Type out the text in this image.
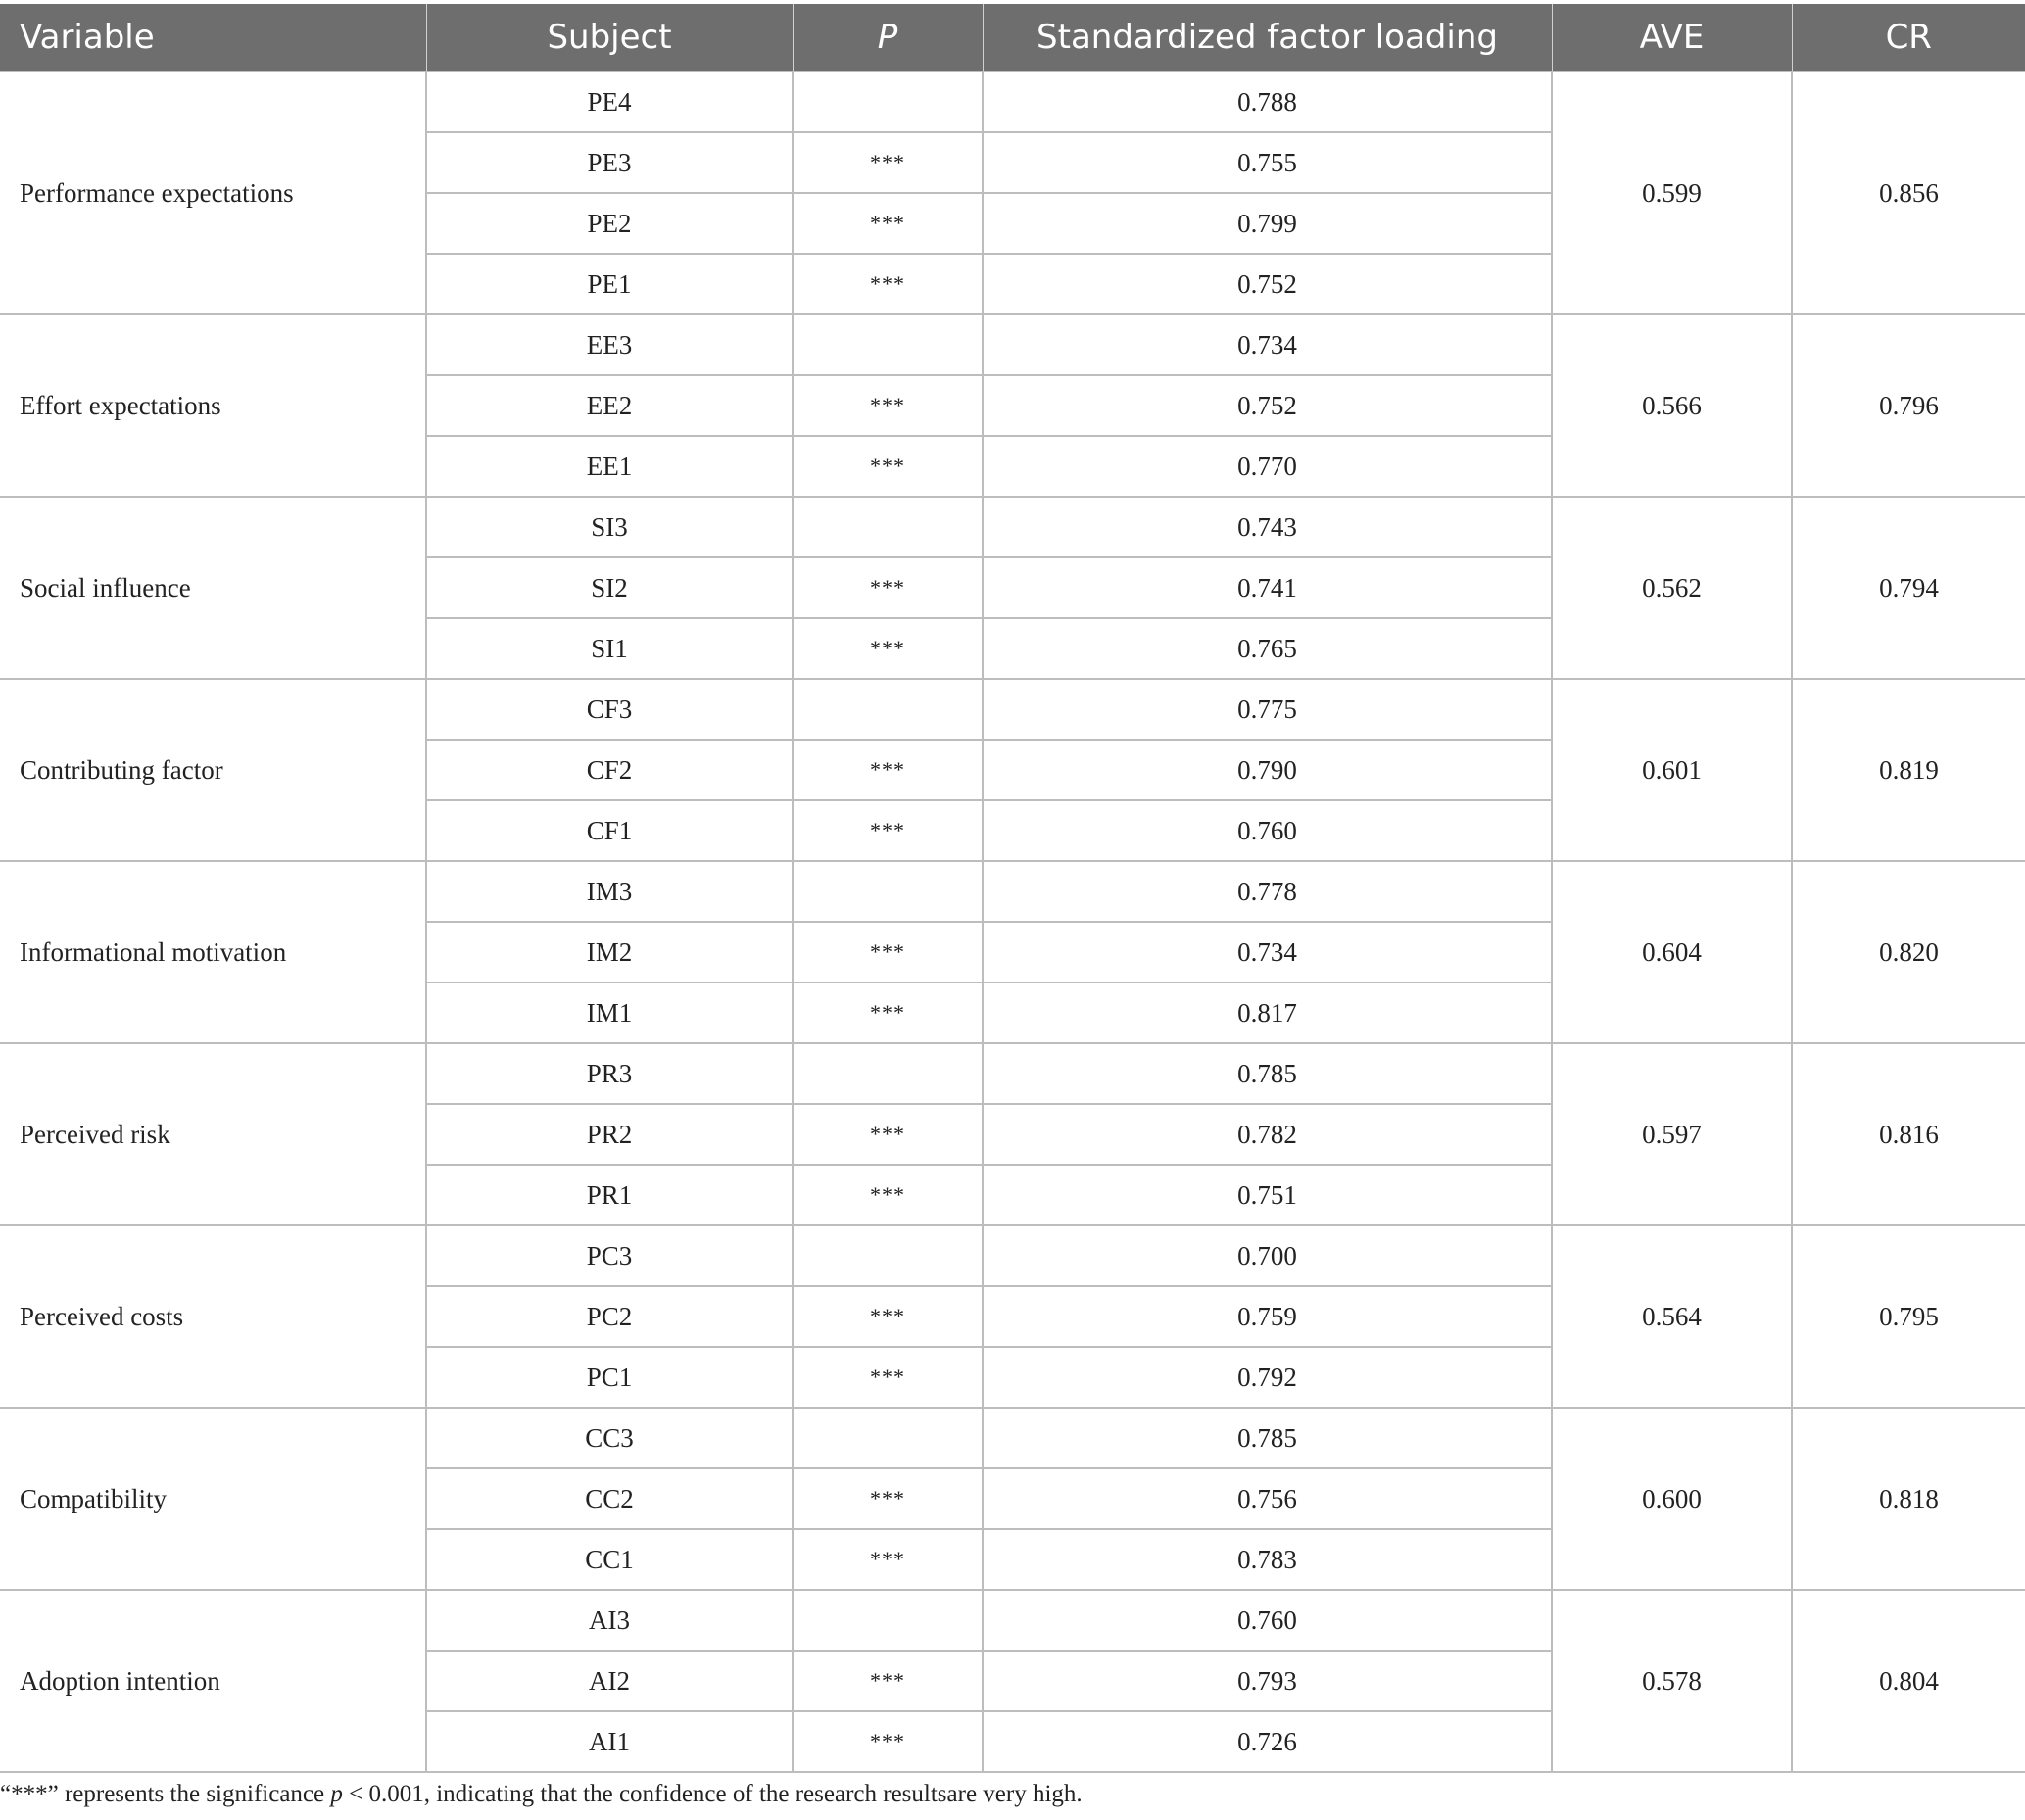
Variable	Subject	P	Standardized factor loading	AVE	CR
Performance expectations	PE4		0.788	0.599	0.856
	PE3	***	0.755		
	PE2	***	0.799		
	PE1	***	0.752		
Effort expectations	EE3		0.734	0.566	0.796
	EE2	***	0.752		
	EE1	***	0.770		
Social influence	SI3		0.743	0.562	0.794
	SI2	***	0.741		
	SI1	***	0.765		
Contributing factor	CF3		0.775	0.601	0.819
	CF2	***	0.790		
	CF1	***	0.760		
Informational motivation	IM3		0.778	0.604	0.820
	IM2	***	0.734		
	IM1	***	0.817		
Perceived risk	PR3		0.785	0.597	0.816
	PR2	***	0.782		
	PR1	***	0.751		
Perceived costs	PC3		0.700	0.564	0.795
	PC2	***	0.759		
	PC1	***	0.792		
Compatibility	CC3		0.785	0.600	0.818
	CC2	***	0.756		
	CC1	***	0.783		
Adoption intention	AI3		0.760	0.578	0.804
	AI2	***	0.793		
	AI1	***	0.726		
“***” represents the significance p < 0.001, indicating that the confidence of the research resultsare very high.
